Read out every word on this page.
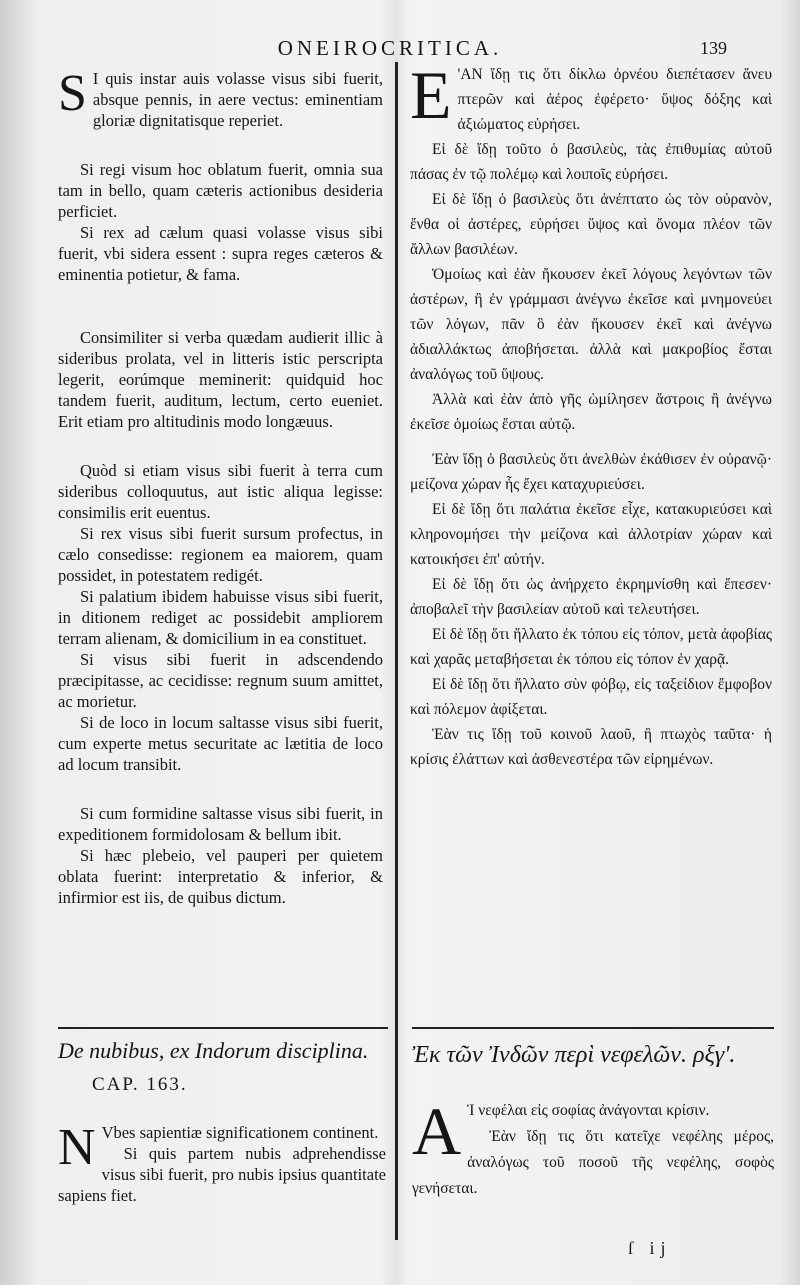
ONEIROCRITICA.	139

S I quis instar auis volasse visus sibi fuerit, absque pennis, in aere vectus: eminentiam gloriæ dignitatisque reperiet.

Si regi visum hoc oblatum fuerit, omnia sua tam in bello, quam cæteris actionibus desideria perficiet.

Si rex ad cælum quasi volasse visus sibi fuerit, vbi sidera essent : supra reges cæteros & eminentia potietur, & fama.

Consimiliter si verba quædam audierit illic à sideribus prolata, vel in litteris istic perscripta legerit, eorúmque meminerit: quidquid hoc tandem fuerit, auditum, lectum, certo eueniet. Erit etiam pro altitudinis modo longæuus.

Quòd si etiam visus sibi fuerit à terra cum sideribus colloquutus, aut istic aliqua legisse: consimilis erit euentus.

Si rex visus sibi fuerit sursum profectus, in cælo consedisse: regionem ea maiorem, quam possidet, in potestatem redigét.

Si palatium ibidem habuisse visus sibi fuerit, in ditionem rediget ac possidebit ampliorem terram alienam, & domicilium in ea constituet.

Si visus sibi fuerit in adscendendo præcipitasse, ac cecidisse: regnum suum amittet, ac morietur.

Si de loco in locum saltasse visus sibi fuerit, cum experte metus securitate ac lætitia de loco ad locum transibit.

Si cum formidine saltasse visus sibi fuerit, in expeditionem formidolosam & bellum ibit.

Si hæc plebeio, vel pauperi per quietem oblata fuerint: interpretatio & inferior, & infirmior est iis, de quibus dictum.

E 'ΑΝ ἴδῃ τις ὅτι δίκλω ὀρνέου διεπέτασεν ἄνευ πτερῶν καὶ ἀέρος ἐφέρετο· ὕψος δόξης καὶ ἀξιώματος εὑρήσει.

Εἰ δὲ ἴδῃ τοῦτο ὁ βασιλεὺς, τὰς ἐπιθυμίας αὐτοῦ πάσας ἐν τῷ πολέμῳ καὶ λοιποῖς εὑρήσει.

Εἰ δὲ ἴδῃ ὁ βασιλεὺς ὅτι ἀνέπτατο ὡς τὸν οὐρανὸν, ἔνθα οἱ ἀστέρες, εὑρήσει ὕψος καὶ ὄνομα πλέον τῶν ἄλλων βασιλέων.

Ὁμοίως καὶ ἐὰν ἤκουσεν ἐκεῖ λόγους λεγόντων τῶν ἀστέρων, ἢ ἐν γράμμασι ἀνέγνω ἐκεῖσε καὶ μνημονεύει τῶν λόγων, πᾶν ὃ ἐὰν ἤκουσεν ἐκεῖ καὶ ἀνέγνω ἀδιαλλάκτως ἀποβήσεται. ἀλλὰ καὶ μακροβίος ἔσται ἀναλόγως τοῦ ὕψους.

Ἀλλὰ καὶ ἐὰν ἀπὸ γῆς ὡμίλησεν ἄστροις ἢ ἀνέγνω ἐκεῖσε ὁμοίως ἔσται αὐτῷ.

Ἐὰν ἴδῃ ὁ βασιλεὺς ὅτι ἀνελθὼν ἐκάθισεν ἐν οὐρανῷ· μείζονα χώραν ἧς ἔχει καταχυριεύσει.

Εἰ δὲ ἴδῃ ὅτι παλάτια ἐκεῖσε εἶχε, κατακυριεύσει καὶ κληρονομήσει τὴν μείζονα καὶ ἀλλοτρίαν χώραν καὶ κατοικήσει ἐπ' αὐτήν.

Εἰ δὲ ἴδῃ ὅτι ὡς ἀνήρχετο ἐκρημνίσθη καὶ ἔπεσεν· ἀποβαλεῖ τὴν βασιλείαν αὐτοῦ καὶ τελευτήσει.

Εἰ δὲ ἴδῃ ὅτι ἥλλατο ἐκ τόπου εἰς τόπον, μετὰ ἀφοβίας καὶ χαρᾶς μεταβήσεται ἐκ τόπου εἰς τόπον ἐν χαρᾷ.

Εἰ δὲ ἴδῃ ὅτι ἥλλατο σὺν φόβῳ, εἰς ταξείδιον ἔμφοβον καὶ πόλεμον ἀφίξεται.

Ἐὰν τις ἴδῃ τοῦ κοινοῦ λαοῦ, ἢ πτωχὸς ταῦτα· ἡ κρίσις ἐλάττων καὶ ἀσθενεστέρα τῶν εἰρημένων.

De nubibus, ex Indorum disciplina. CAP. 163.
Ἐκ τῶν Ἰνδῶν περὶ νεφελῶν. ρξγ'.

N Vbes sapientiæ significationem continent.

Si quis partem nubis adprehendisse visus sibi fuerit, pro nubis ipsius quantitate sapiens fiet.

A Ἱ νεφέλαι εἰς σοφίας ἀνάγονται κρίσιν.

Ἐὰν ἴδῃ τις ὅτι κατεῖχε νεφέλης μέρος, ἀναλόγως τοῦ ποσοῦ τῆς νεφέλης, σοφὸς γενήσεται.

ſ ij
